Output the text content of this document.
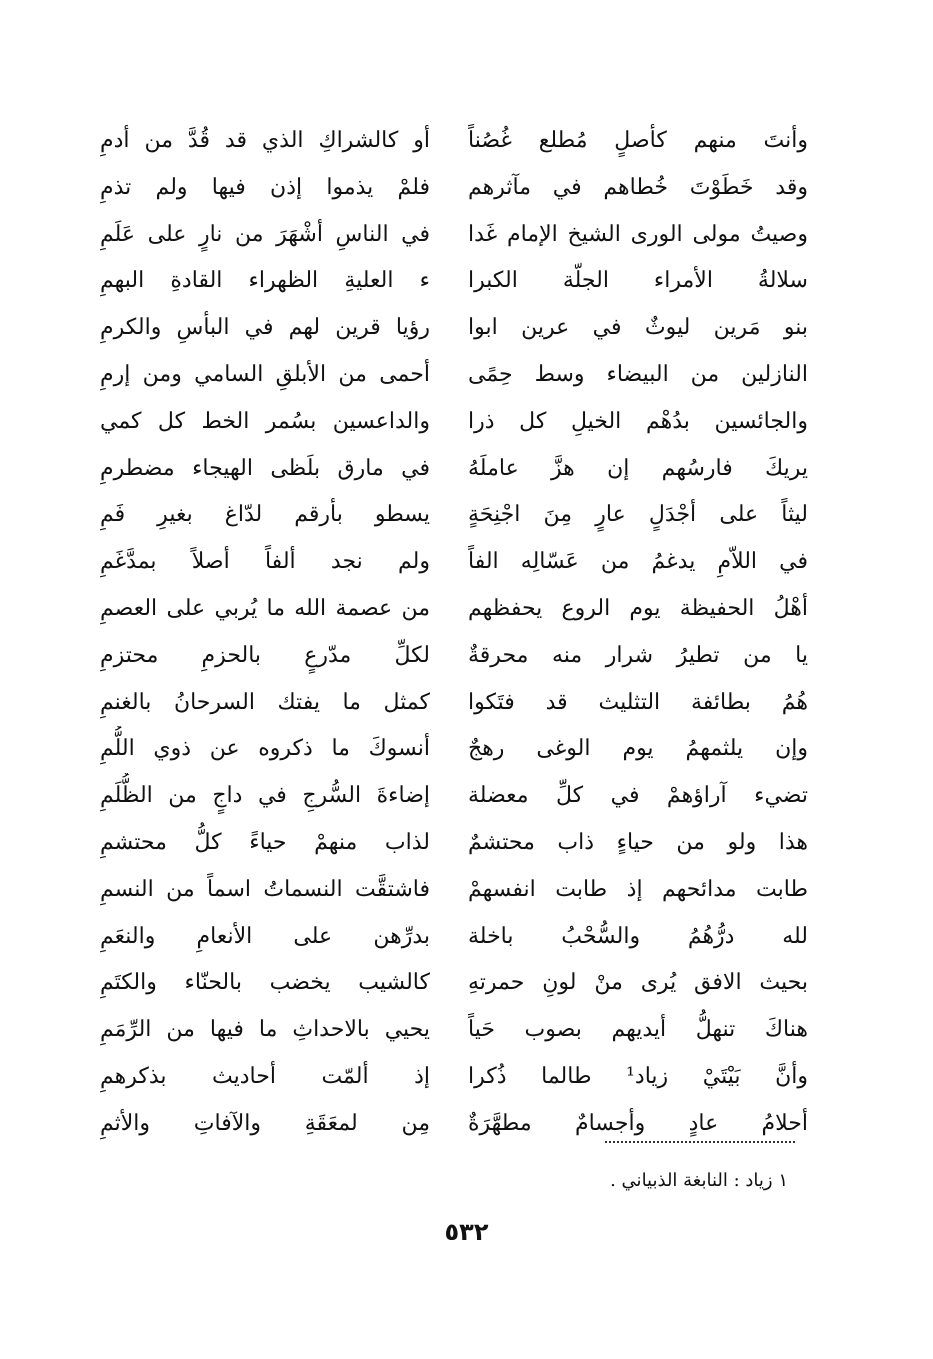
وأنتَ منهم كأصلٍ مُطلع غُصُناً
وقد خَطَوْتَ خُطاهم في مآثرهم
وصيتُ مولى الورى الشيخ الإمام غَدا
سلالةُ الأمراء الجلّة الكبرا
بنو مَرين ليوثٌ في عرين ابوا
النازلين من البيضاء وسط حِمًى
والجائسين بدُهْم الخيلِ كل ذرا
يريكَ فارسُهم إن هزَّ عاملَهُ
ليثاً على أجْدَلٍ عارٍ مِنَ اجْنِحَةٍ
في اللاّمِ يدغمُ من عَسّالِه الفاً
أهْلُ الحفيظة يوم الروع يحفظهم
يا من تطيرُ شرار منه محرقةٌ
هُمُ بطائفة التثليث قد فتَكوا
وإن يلثمهمُ يوم الوغى رهجٌ
تضيء آراؤهمْ في كلِّ معضلة
هذا ولو من حياءٍ ذاب محتشمٌ
طابت مدائحهم إذ طابت انفسهمْ
لله درُّهُمُ والسُّحْبُ باخلة
بحيث الافق يُرى منْ لونِ حمرتهِ
هناكَ تنهلُّ أيديهم بصوب حَياً
وأنَّ بَيْتَيْ زياد¹ طالما ذُكرا
أحلامُ عادٍ وأجسامٌ مطهَّرَةٌ
أو كالشراكِ الذي قد قُدَّ من أدمِ
فلمْ يذموا إذن فيها ولم تذمِ
في الناسِ أشْهَرَ من نارٍ على عَلَمِ
ء العليةِ الظهراء القادةِ البهمِ
رؤيا قرين لهم في البأسِ والكرمِ
أحمى من الأبلقِ السامي ومن إرمِ
والداعسين بسُمر الخط كل كمي
في مارق بلَظى الهيجاء مضطرمِ
يسطو بأرقم لدّاغ بغيرِ فَمِ
ولم نجد ألفاً أصلاً بمدَّغَمِ
من عصمة الله ما يُربي على العصمِ
لكلِّ مدّرعٍ بالحزمِ محتزمِ
كمثل ما يفتك السرحانُ بالغنمِ
أنسوكَ ما ذكروه عن ذوي اللُّمِ
إضاءةَ السُّرجِ في داجٍ من الظُّلَمِ
لذاب منهمْ حياءً كلُّ محتشمِ
فاشتقَّت النسماتُ اسماً من النسمِ
بدرِّهن على الأنعامِ والنعَمِ
كالشيب يخضب بالحنّاء والكتَمِ
يحيي بالاحداثِ ما فيها من الرِّمَمِ
إذ ألمّت أحاديث بذكرهمِ
مِن لمعَقَةِ والآفاتِ والأثمِ
١ زياد : النابغة الذبياني .
٥٣٢
